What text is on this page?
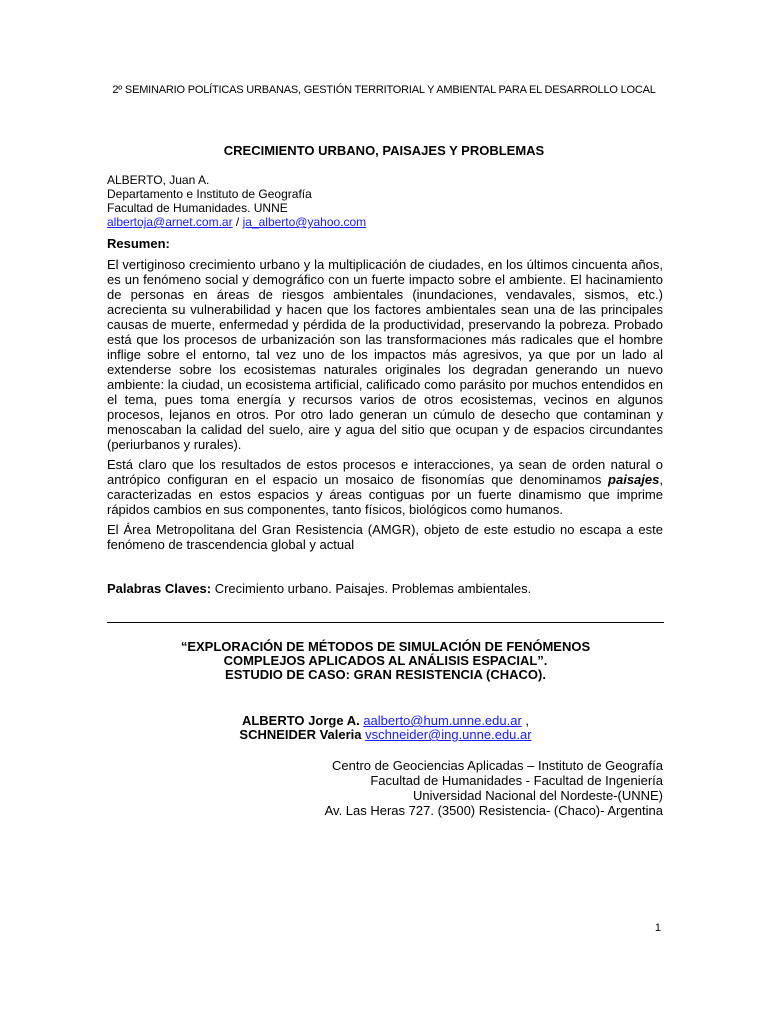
2º SEMINARIO POLÍTICAS URBANAS, GESTIÓN TERRITORIAL Y AMBIENTAL PARA EL DESARROLLO LOCAL
CRECIMIENTO URBANO, PAISAJES Y PROBLEMAS
ALBERTO, Juan A.
Departamento e Instituto de Geografía
Facultad de Humanidades. UNNE
albertoja@arnet.com.ar / ja_alberto@yahoo.com
Resumen:

El vertiginoso crecimiento urbano y la multiplicación de ciudades, en los últimos cincuenta años, es un fenómeno social y demográfico con un fuerte impacto sobre el ambiente. El hacinamiento de personas en áreas de riesgos ambientales (inundaciones, vendavales, sismos, etc.) acrecienta su vulnerabilidad y hacen que los factores ambientales sean una de las principales causas de muerte, enfermedad y pérdida de la productividad, preservando la pobreza. Probado está que los procesos de urbanización son las transformaciones más radicales que el hombre inflige sobre el entorno, tal vez uno de los impactos más agresivos, ya que por un lado al extenderse sobre los ecosistemas naturales originales los degradan generando un nuevo ambiente: la ciudad, un ecosistema artificial, calificado como parásito por muchos entendidos en el tema, pues toma energía y recursos varios de otros ecosistemas, vecinos en algunos procesos, lejanos en otros. Por otro lado generan un cúmulo de desecho que contaminan y menoscaban la calidad del suelo, aire y agua del sitio que ocupan y de espacios circundantes (periurbanos y rurales).

Está claro que los resultados de estos procesos e interacciones, ya sean de orden natural o antrópico configuran en el espacio un mosaico de fisonomías que denominamos paisajes, caracterizadas en estos espacios y áreas contiguas por un fuerte dinamismo que imprime rápidos cambios en sus componentes, tanto físicos, biológicos como humanos.

El Área Metropolitana del Gran Resistencia (AMGR), objeto de este estudio no escapa a este fenómeno de trascendencia global y actual

Palabras Claves: Crecimiento urbano. Paisajes. Problemas ambientales.
“EXPLORACIÓN DE MÉTODOS DE SIMULACIÓN DE FENÓMENOS
COMPLEJOS APLICADOS AL ANÁLISIS ESPACIAL”.
ESTUDIO DE CASO: GRAN RESISTENCIA (CHACO).
ALBERTO Jorge A. aalberto@hum.unne.edu.ar ,
SCHNEIDER Valeria vschneider@ing.unne.edu.ar
Centro de Geociencias Aplicadas – Instituto de Geografía
Facultad de Humanidades - Facultad de Ingeniería
Universidad Nacional del Nordeste-(UNNE)
Av. Las Heras 727. (3500) Resistencia- (Chaco)- Argentina
1
